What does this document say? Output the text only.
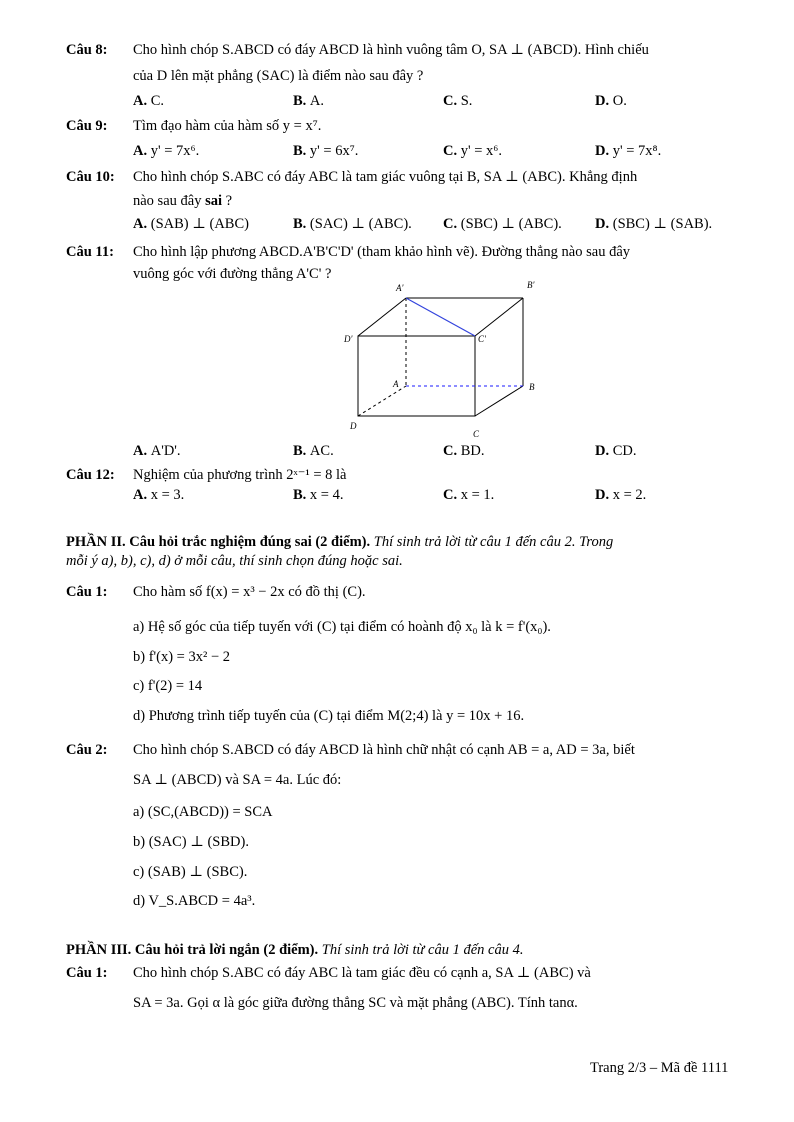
Câu 8: Cho hình chóp S.ABCD có đáy ABCD là hình vuông tâm O, SA ⊥ (ABCD). Hình chiếu
của D lên mặt phẳng (SAC) là điểm nào sau đây ?
A. C.	B. A.	C. S.	D. O.
Câu 9: Tìm đạo hàm của hàm số y = x⁷.
A. y' = 7x⁶.	B. y' = 6x⁷.	C. y' = x⁶.	D. y' = 7x⁸.
Câu 10: Cho hình chóp S.ABC có đáy ABC là tam giác vuông tại B, SA ⊥ (ABC). Khẳng định
nào sau đây sai ?
A. (SAB) ⊥ (ABC)	B. (SAC) ⊥ (ABC). C. (SBC) ⊥ (ABC). D. (SBC) ⊥ (SAB).
Câu 11: Cho hình lập phương ABCD.A'B'C'D' (tham khảo hình vẽ). Đường thẳng nào sau đây
vuông góc với đường thẳng A'C' ?
A'	B'
D'	C'
A	B
D
C
A. A'D'.	B. AC.	C. BD.	D. CD.
Câu 12: Nghiệm của phương trình 2ˣ⁻¹ = 8 là
A. x = 3.	B. x = 4.	C. x = 1.	D. x = 2.
PHẦN II. Câu hỏi trắc nghiệm đúng sai (2 điểm). Thí sinh trả lời từ câu 1 đến câu 2. Trong
mỗi ý a), b), c), d) ở mỗi câu, thí sinh chọn đúng hoặc sai.
Câu 1: Cho hàm số f(x) = x³ − 2x có đồ thị (C).
a) Hệ số góc của tiếp tuyến với (C) tại điểm có hoành độ x₀ là k = f'(x₀).
b) f'(x) = 3x² − 2
c) f'(2) = 14
d) Phương trình tiếp tuyến của (C) tại điểm M(2;4) là y = 10x + 16.
Câu 2: Cho hình chóp S.ABCD có đáy ABCD là hình chữ nhật có cạnh AB = a, AD = 3a, biết
SA ⊥ (ABCD) và SA = 4a. Lúc đó:
a) (SC,(ABCD)) = SCA
b) (SAC) ⊥ (SBD).
c) (SAB) ⊥ (SBC).
d) V_S.ABCD = 4a³.
PHẦN III. Câu hỏi trả lời ngắn (2 điểm). Thí sinh trả lời từ câu 1 đến câu 4.
Câu 1: Cho hình chóp S.ABC có đáy ABC là tam giác đều có cạnh a, SA ⊥ (ABC) và
SA = 3a. Gọi α là góc giữa đường thẳng SC và mặt phẳng (ABC). Tính tanα.
Trang 2/3 – Mã đề 1111
